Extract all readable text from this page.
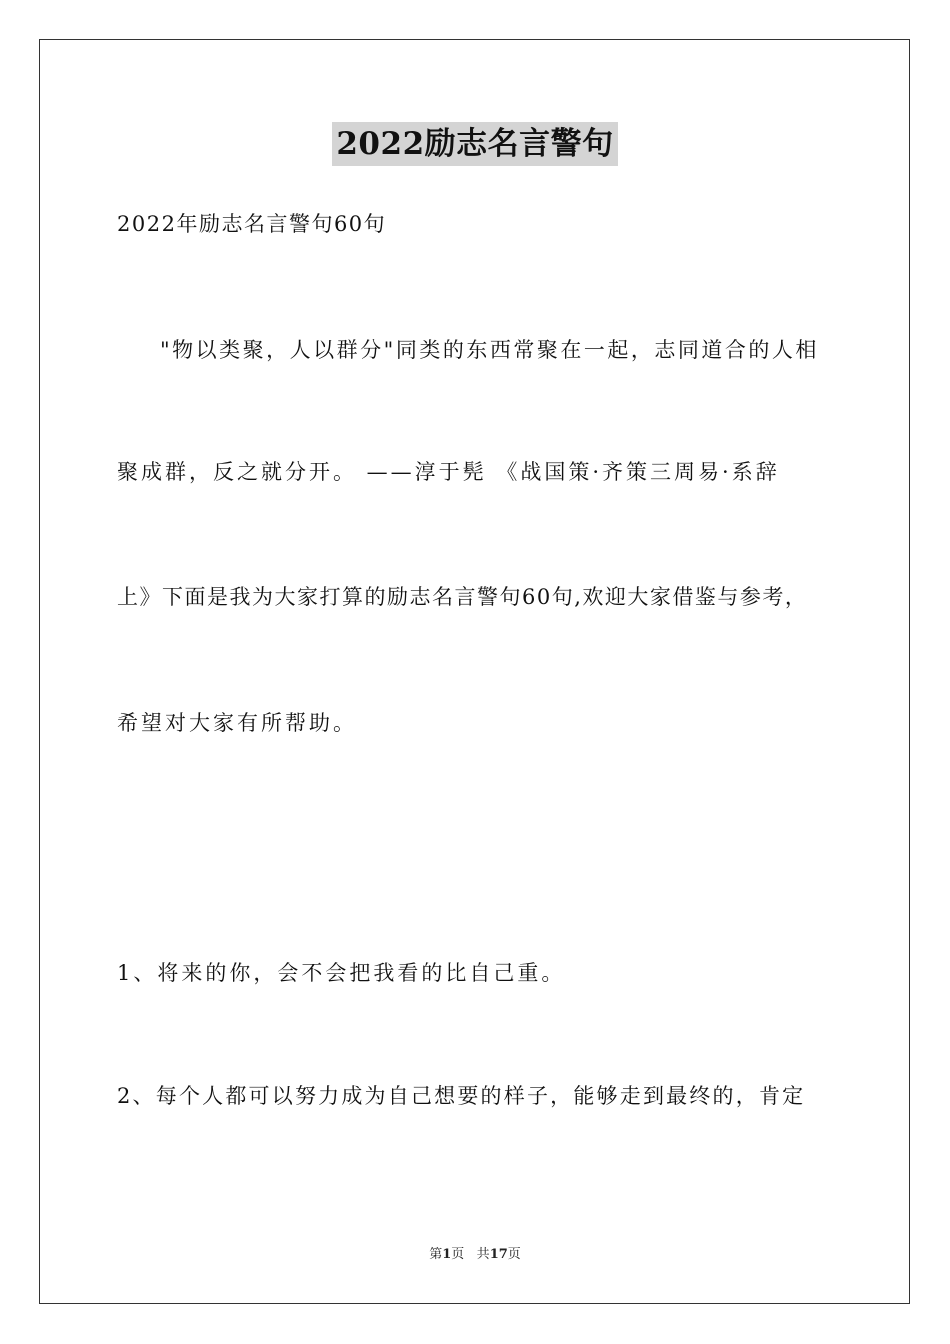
2022励志名言警句
2022年励志名言警句60句
"物以类聚，人以群分"同类的东西常聚在一起，志同道合的人相
聚成群，反之就分开。 ——淳于髡 《战国策·齐策三周易·系辞
上》下面是我为大家打算的励志名言警句60句,欢迎大家借鉴与参考，
希望对大家有所帮助。
1、将来的你，会不会把我看的比自己重。
2、每个人都可以努力成为自己想要的样子，能够走到最终的，肯定
第1页 共17页
